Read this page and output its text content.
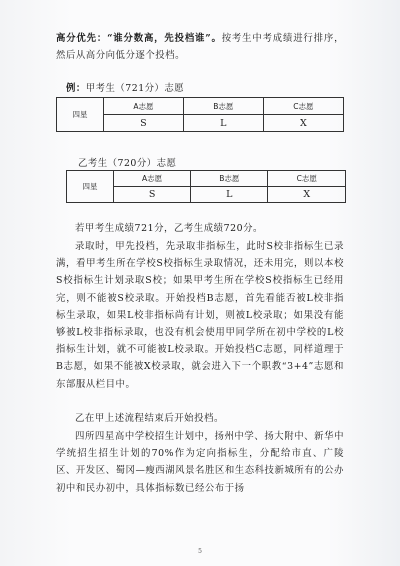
高分优先：“谁分数高，先投档谁”。按考生中考成绩进行排序，然后从高分向低分逐个投档。

例：甲考生（721分）志愿
四星	A志愿	B志愿	C志愿
	S	L	X
乙考生（720分）志愿
四星	A志愿	B志愿	C志愿
	S	L	X

若甲考生成绩721分，乙考生成绩720分。

录取时，甲先投档，先录取非指标生，此时S校非指标生已录满，看甲考生所在学校S校指标生录取情况，还未用完，则以本校S校指标生计划录取S校；如果甲考生所在学校S校指标生已经用完，则不能被S校录取。开始投档B志愿，首先看能否被L校非指标生录取，如果L校非指标尚有计划，则被L校录取；如果没有能够被L校非指标录取，也没有机会使用甲同学所在初中学校的L校指标生计划，就不可能被L校录取。开始投档C志愿，同样道理于B志愿，如果不能被X校录取，就会进入下一个职教“3+4”志愿和东部服从栏目中。

乙在甲上述流程结束后开始投档。

四所四星高中学校招生计划中，扬州中学、扬大附中、新华中学统招生招生计划的70%作为定向指标生，分配给市直、广陵区、开发区、蜀冈—瘦西湖风景名胜区和生态科技新城所有的公办初中和民办初中，具体指标数已经公布于扬

5
